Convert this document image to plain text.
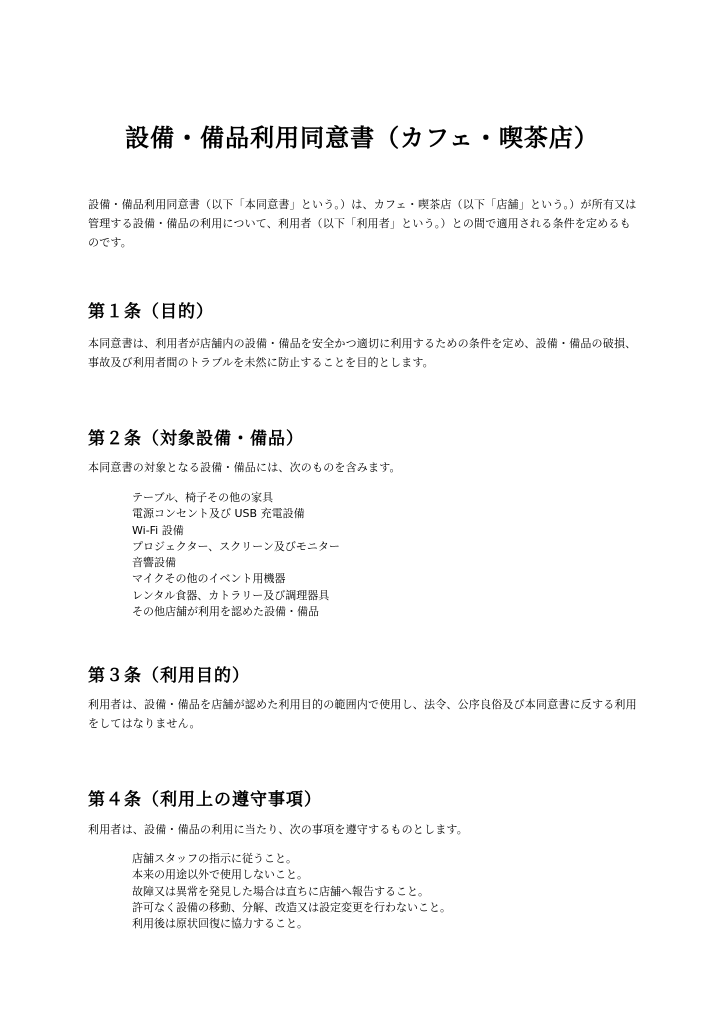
設備・備品利用同意書（カフェ・喫茶店）

設備・備品利用同意書（以下「本同意書」という。）は、カフェ・喫茶店（以下「店舗」という。）が所有又は管理する設備・備品の利用について、利用者（以下「利用者」という。）との間で適用される条件を定めるものです。

第１条（目的）

本同意書は、利用者が店舗内の設備・備品を安全かつ適切に利用するための条件を定め、設備・備品の破損、事故及び利用者間のトラブルを未然に防止することを目的とします。

第２条（対象設備・備品）

本同意書の対象となる設備・備品には、次のものを含みます。

テーブル、椅子その他の家具
電源コンセント及び USB 充電設備
Wi-Fi 設備
プロジェクター、スクリーン及びモニター
音響設備
マイクその他のイベント用機器
レンタル食器、カトラリー及び調理器具
その他店舗が利用を認めた設備・備品
第３条（利用目的）

利用者は、設備・備品を店舗が認めた利用目的の範囲内で使用し、法令、公序良俗及び本同意書に反する利用をしてはなりません。

第４条（利用上の遵守事項）

利用者は、設備・備品の利用に当たり、次の事項を遵守するものとします。

店舗スタッフの指示に従うこと。
本来の用途以外で使用しないこと。
故障又は異常を発見した場合は直ちに店舗へ報告すること。
許可なく設備の移動、分解、改造又は設定変更を行わないこと。
利用後は原状回復に協力すること。
